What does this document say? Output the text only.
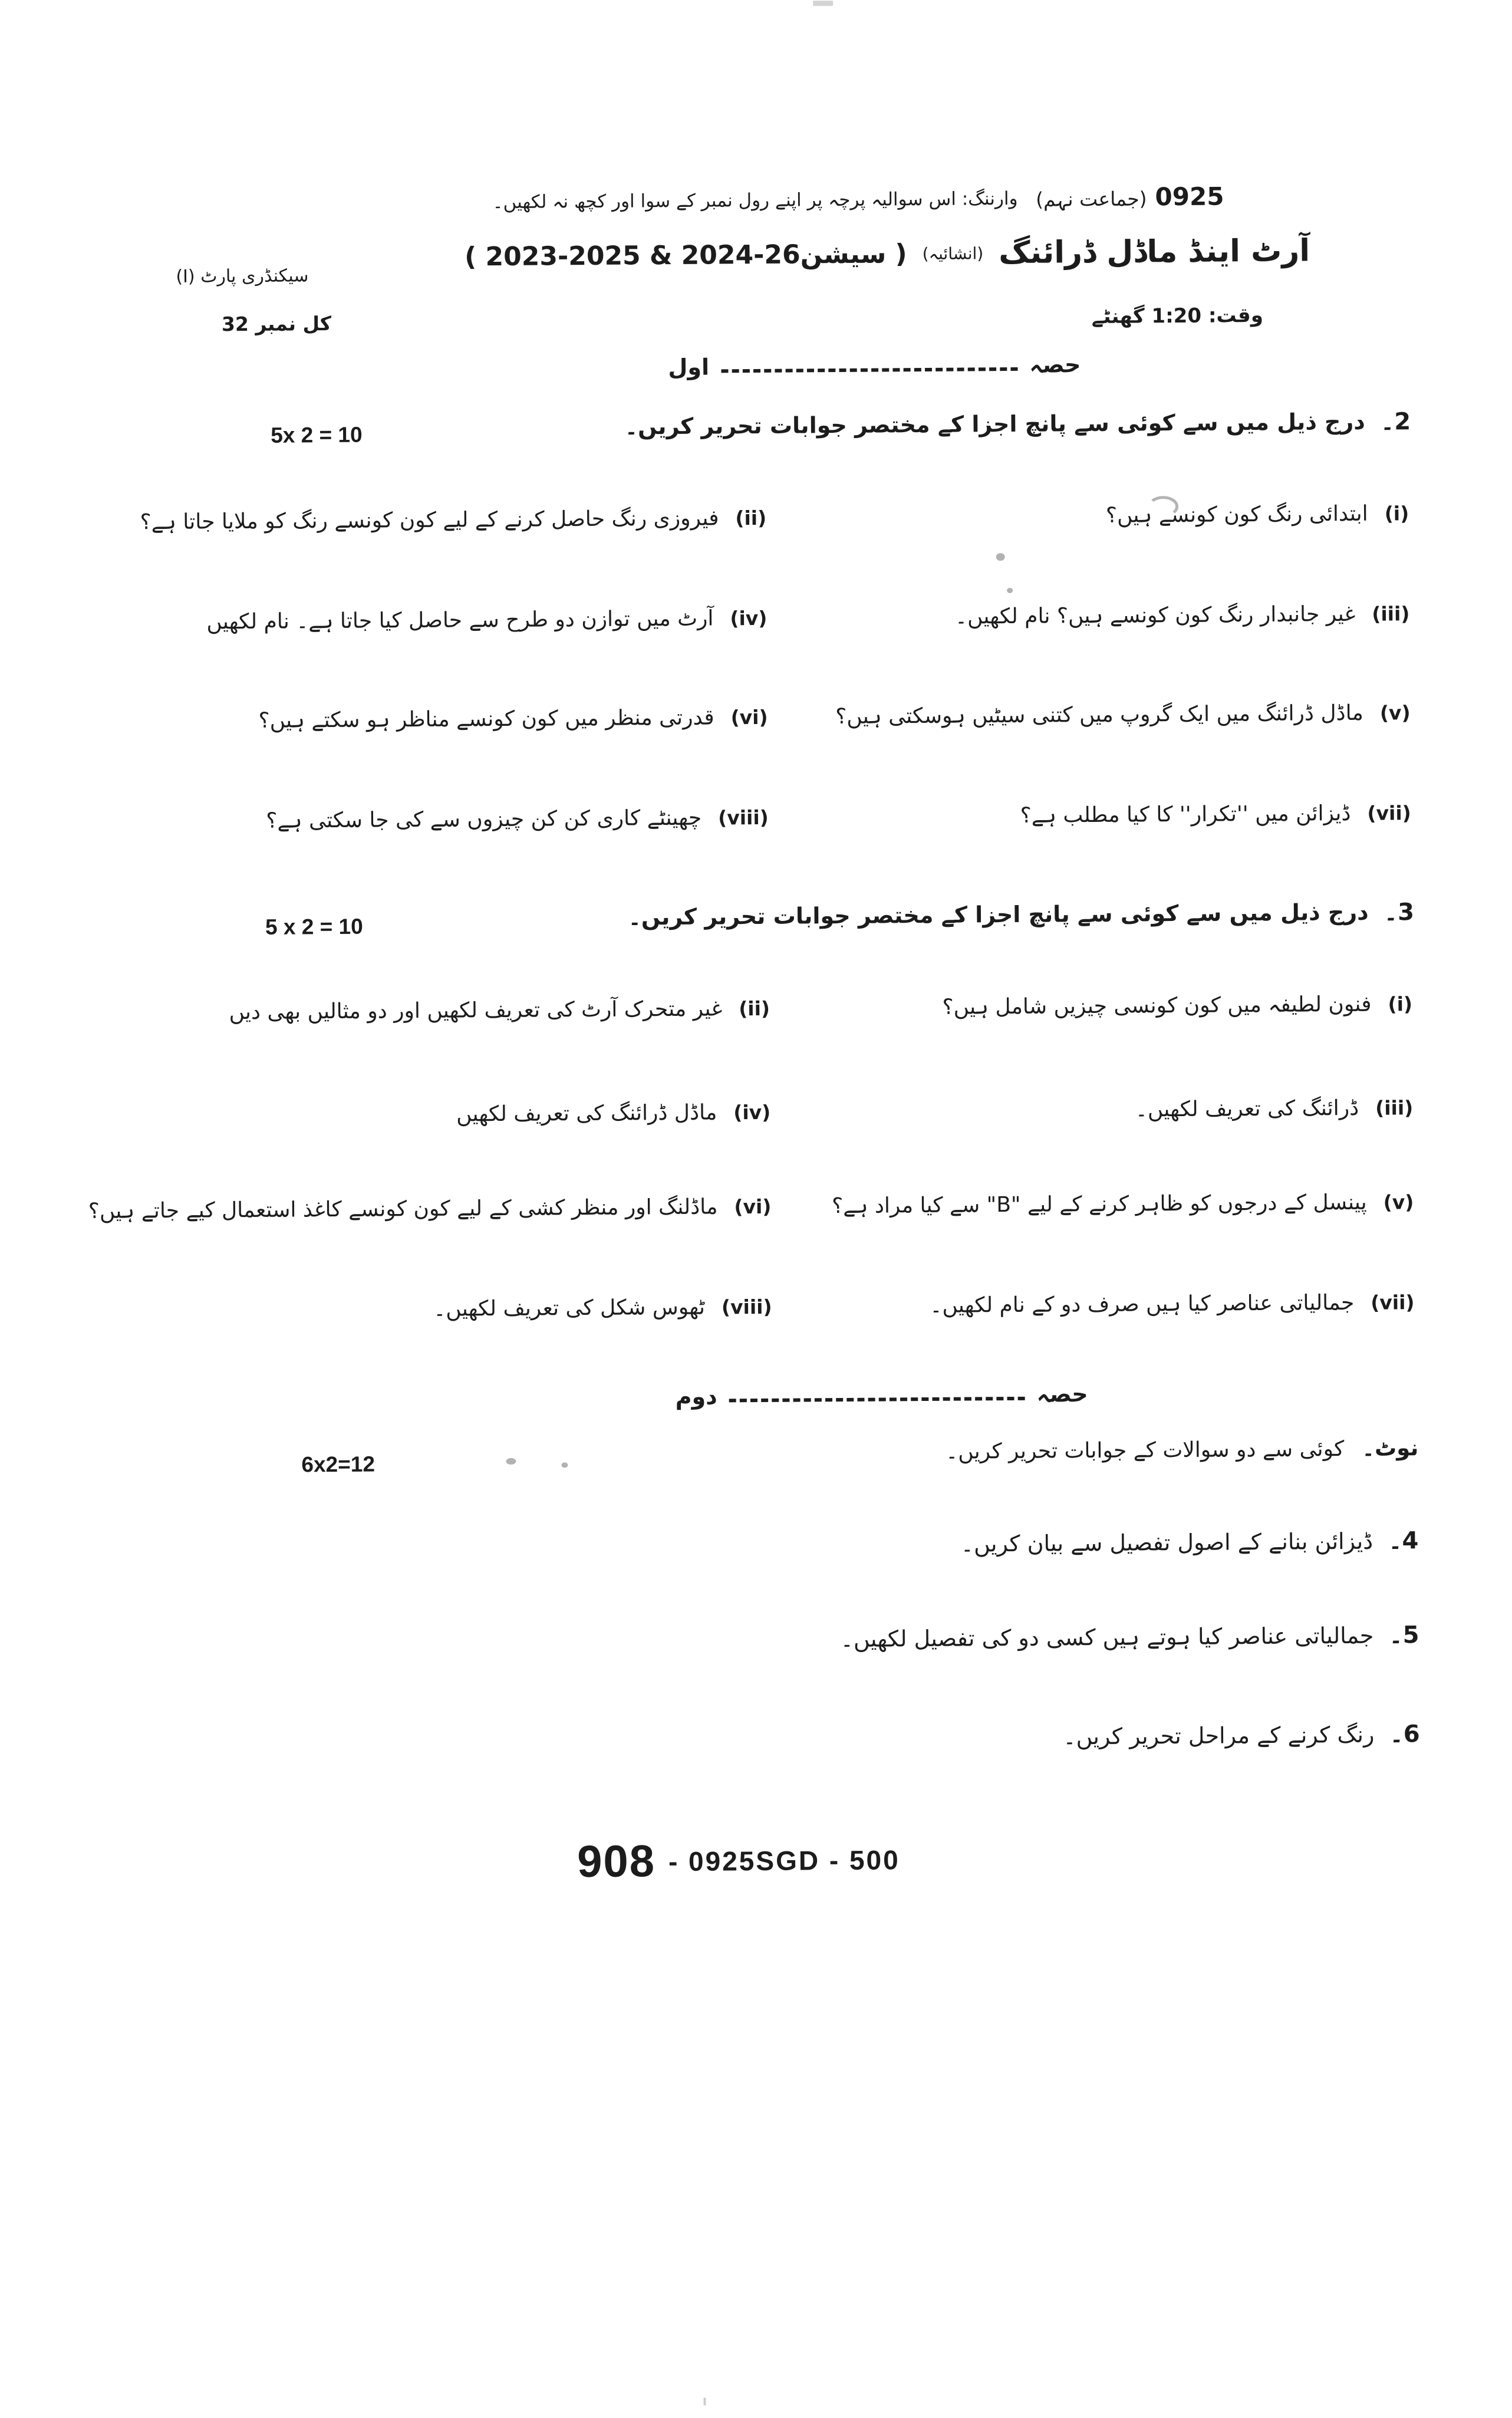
وارننگ: اس سوالیہ پرچہ پر اپنے رول نمبر کے سوا اور کچھ نہ لکھیں۔	0925
(جماعت نہم)
آرٹ اینڈ ماڈل ڈرائنگ
(انشائیہ)
( 2023-2025 & 2024-26سیشن )
سیکنڈری پارٹ (I)
کل نمبر 32	وقت: 1:20 گھنٹے
حصہ
اول
2۔
درج ذیل میں سے کوئی سے پانچ اجزا کے مختصر جوابات تحریر کریں۔
5x 2 = 10
(i)
ابتدائی رنگ کون کونسے ہیں؟
(ii)
فیروزی رنگ حاصل کرنے کے لیے کون کونسے رنگ کو ملایا جاتا ہے؟
(iii)
غیر جانبدار رنگ کون کونسے ہیں؟ نام لکھیں۔
(iv)
آرٹ میں توازن دو طرح سے حاصل کیا جاتا ہے۔ نام لکھیں
(v)
ماڈل ڈرائنگ میں ایک گروپ میں کتنی سیٹیں ہوسکتی ہیں؟
(vi)
قدرتی منظر میں کون کونسے مناظر ہو سکتے ہیں؟
(vii)
ڈیزائن میں ''تکرار'' کا کیا مطلب ہے؟
(viii)
چھینٹے کاری کن کن چیزوں سے کی جا سکتی ہے؟
3۔
درج ذیل میں سے کوئی سے پانچ اجزا کے مختصر جوابات تحریر کریں۔
5 x 2 = 10
(i)
فنون لطیفہ میں کون کونسی چیزیں شامل ہیں؟
(ii)
غیر متحرک آرٹ کی تعریف لکھیں اور دو مثالیں بھی دیں
(iii)
ڈرائنگ کی تعریف لکھیں۔
(iv)
ماڈل ڈرائنگ کی تعریف لکھیں
(v)
پینسل کے درجوں کو ظاہر کرنے کے لیے "B" سے کیا مراد ہے؟
(vi)
ماڈلنگ اور منظر کشی کے لیے کون کونسے کاغذ استعمال کیے جاتے ہیں؟
(vii)
جمالیاتی عناصر کیا ہیں صرف دو کے نام لکھیں۔
(viii)
ٹھوس شکل کی تعریف لکھیں۔
حصہ
دوم
نوٹ۔
کوئی سے دو سوالات کے جوابات تحریر کریں۔
6x2=12
4۔
ڈیزائن بنانے کے اصول تفصیل سے بیان کریں۔
5۔
جمالیاتی عناصر کیا ہوتے ہیں کسی دو کی تفصیل لکھیں۔
6۔
رنگ کرنے کے مراحل تحریر کریں۔
908 - 0925SGD - 500
